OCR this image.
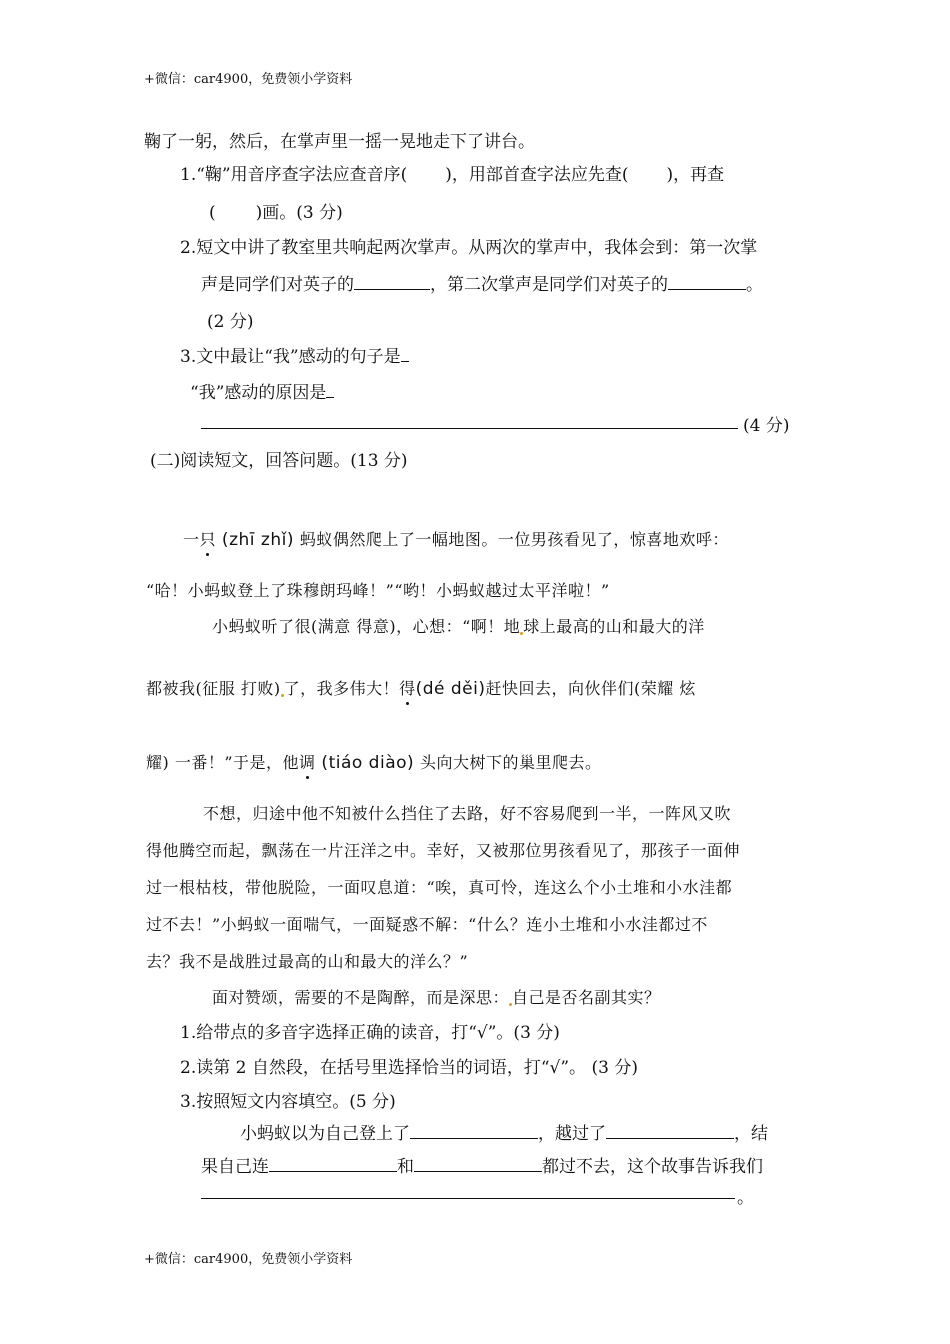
+微信：car4900，免费领小学资料
鞠了一躬，然后，在掌声里一摇一晃地走下了讲台。
1.“鞠”用音序查字法应查音序( )，用部首查字法应先查( )，再查
( )画。(3 分)
2.短文中讲了教室里共响起两次掌声。从两次的掌声中，我体会到：第一次掌
声是同学们对英子的	，第二次掌声是同学们对英子的	。
(2 分)
3.文中最让“我”感动的句子是
“我”感动的原因是
(4 分)
(二)阅读短文，回答问题。(13 分)
一只 (zhī zhǐ) 蚂蚁偶然爬上了一幅地图。一位男孩看见了，惊喜地欢呼：
“哈！小蚂蚁登上了珠穆朗玛峰！”“哟！小蚂蚁越过太平洋啦！”
小蚂蚁听了很(满意 得意)，心想：“啊！地 球上最高的山和最大的洋
都被我(征服 打败) 了，我多伟大！得(dé děi)赶快回去，向伙伴们(荣耀 炫
耀) 一番！”于是，他调 (tiáo diào) 头向大树下的巢里爬去。
不想，归途中他不知被什么挡住了去路，好不容易爬到一半，一阵风又吹
得他腾空而起，飘荡在一片汪洋之中。幸好，又被那位男孩看见了，那孩子一面伸
过一根枯枝，带他脱险，一面叹息道：“唉，真可怜，连这么个小土堆和小水洼都
过不去！”小蚂蚁一面喘气，一面疑惑不解：“什么？连小土堆和小水洼都过不
去？我不是战胜过最高的山和最大的洋么？”
面对赞颂，需要的不是陶醉，而是深思： 自己是否名副其实？
1.给带点的多音字选择正确的读音，打“√”。(3 分)
2.读第 2 自然段，在括号里选择恰当的词语，打“√”。 (3 分)
3.按照短文内容填空。(5 分)
小蚂蚁以为自己登上了	，越过了	，结
果自己连	和	都过不去，这个故事告诉我们
。
+微信：car4900，免费领小学资料
